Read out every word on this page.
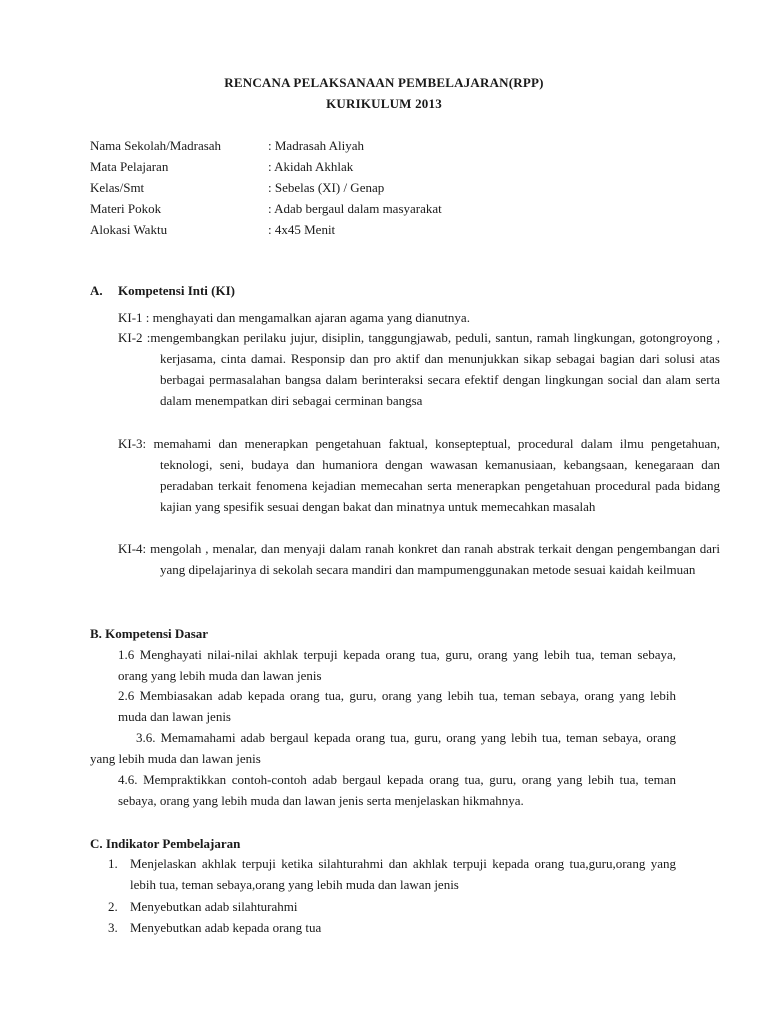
RENCANA PELAKSANAAN PEMBELAJARAN(RPP)
KURIKULUM 2013
Nama Sekolah/Madrasah	: Madrasah Aliyah
Mata Pelajaran	: Akidah Akhlak
Kelas/Smt	: Sebelas (XI) / Genap
Materi Pokok	: Adab bergaul dalam masyarakat
Alokasi Waktu	: 4x45 Menit
A. Kompetensi Inti (KI)
KI-1 : menghayati dan mengamalkan ajaran agama yang dianutnya.
KI-2 :mengembangkan perilaku jujur, disiplin, tanggungjawab, peduli, santun, ramah lingkungan, gotongroyong , kerjasama, cinta damai. Responsip dan pro aktif dan menunjukkan sikap sebagai bagian dari solusi atas berbagai permasalahan bangsa dalam berinteraksi secara efektif dengan lingkungan social dan alam serta dalam menempatkan diri sebagai cerminan bangsa
KI-3: memahami dan menerapkan pengetahuan faktual, konsepteptual, procedural dalam ilmu pengetahuan, teknologi, seni, budaya dan humaniora dengan wawasan kemanusiaan, kebangsaan, kenegaraan dan peradaban terkait fenomena kejadian memecahan serta menerapkan pengetahuan procedural pada bidang kajian yang spesifik sesuai dengan bakat dan minatnya untuk memecahkan masalah
KI-4: mengolah , menalar, dan menyaji dalam ranah konkret dan ranah abstrak terkait dengan pengembangan dari yang dipelajarinya di sekolah secara mandiri dan mampumenggunakan metode sesuai kaidah keilmuan
B. Kompetensi Dasar
1.6 Menghayati nilai-nilai akhlak terpuji kepada orang tua, guru, orang yang lebih tua, teman sebaya, orang yang lebih muda dan lawan jenis
2.6 Membiasakan adab kepada orang tua, guru, orang yang lebih tua, teman sebaya, orang yang lebih muda dan lawan jenis
3.6. Memamahami adab bergaul kepada orang tua, guru, orang yang lebih tua, teman sebaya, orang yang lebih muda dan lawan jenis
4.6. Mempraktikkan contoh-contoh adab bergaul kepada orang tua, guru, orang yang lebih tua, teman sebaya, orang yang lebih muda dan lawan jenis serta menjelaskan hikmahnya.
C. Indikator Pembelajaran
1. Menjelaskan akhlak terpuji ketika silahturahmi dan akhlak terpuji kepada orang tua,guru,orang yang lebih tua, teman sebaya,orang yang lebih muda dan lawan jenis
2. Menyebutkan adab silahturahmi
3. Menyebutkan adab kepada orang tua
